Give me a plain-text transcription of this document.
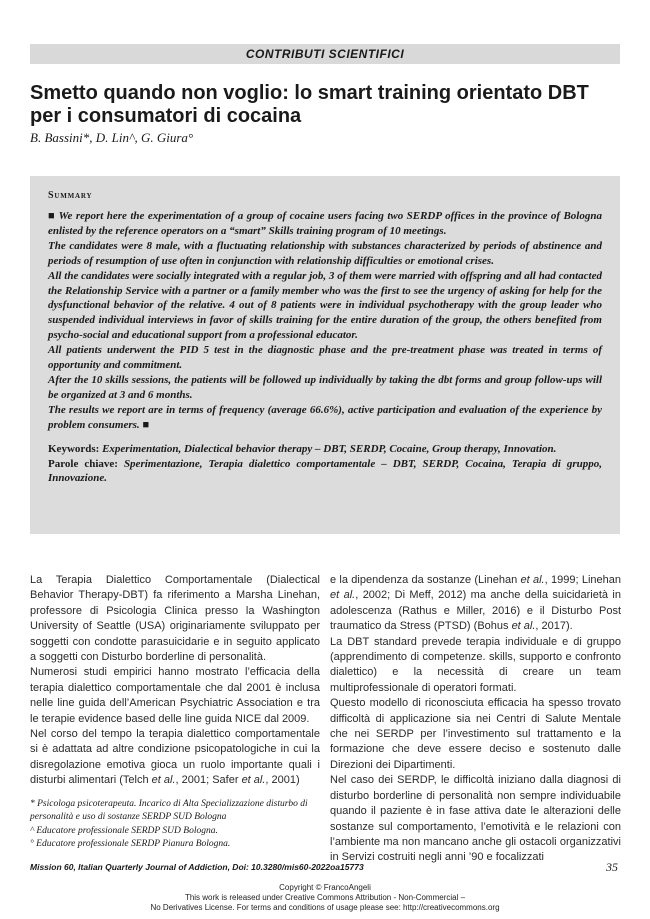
CONTRIBUTI SCIENTIFICI
Smetto quando non voglio: lo smart training orientato DBT
per i consumatori di cocaina
B. Bassini*, D. Lin^, G. Giura°
Summary

■ We report here the experimentation of a group of cocaine users facing two SERDP offices in the province of Bologna enlisted by the reference operators on a “smart” Skills training program of 10 meetings.

The candidates were 8 male, with a fluctuating relationship with substances characterized by periods of abstinence and periods of resumption of use often in conjunction with relationship difficulties or emotional crises.

All the candidates were socially integrated with a regular job, 3 of them were married with offspring and all had contacted the Relationship Service with a partner or a family member who was the first to see the urgency of asking for help for the dysfunctional behavior of the relative. 4 out of 8 patients were in individual psychotherapy with the group leader who suspended individual interviews in favor of skills training for the entire duration of the group, the others benefited from psycho-social and educational support from a professional educator.

All patients underwent the PID 5 test in the diagnostic phase and the pre-treatment phase was treated in terms of opportunity and commitment.

After the 10 skills sessions, the patients will be followed up individually by taking the dbt forms and group follow-ups will be organized at 3 and 6 months.

The results we report are in terms of frequency (average 66.6%), active participation and evaluation of the experience by problem consumers. ■

Keywords: Experimentation, Dialectical behavior therapy – DBT, SERDP, Cocaine, Group therapy, Innovation.

Parole chiave: Sperimentazione, Terapia dialettico comportamentale – DBT, SERDP, Cocaina, Terapia di gruppo, Innovazione.

La Terapia Dialettico Comportamentale (Dialectical Behavior Therapy-DBT) fa riferimento a Marsha Linehan, professore di Psicologia Clinica presso la Washington University of Seattle (USA) originariamente sviluppato per soggetti con condotte parasuicidarie e in seguito applicato a soggetti con Disturbo borderline di personalità.

Numerosi studi empirici hanno mostrato l’efficacia della terapia dialettico comportamentale che dal 2001 è inclusa nelle line guida dell’American Psychiatric Association e tra le terapie evidence based delle line guida NICE dal 2009.

Nel corso del tempo la terapia dialettico comportamentale si è adattata ad altre condizione psicopatologiche in cui la disregolazione emotiva gioca un ruolo importante quali i disturbi alimentari (Telch et al., 2001; Safer et al., 2001)

* Psicologa psicoterapeuta. Incarico di Alta Specializzazione disturbo di personalità e uso di sostanze SERDP SUD Bologna

^ Educatore professionale SERDP SUD Bologna.

° Educatore professionale SERDP Pianura Bologna.

e la dipendenza da sostanze (Linehan et al., 1999; Linehan et al., 2002; Di Meff, 2012) ma anche della suicidarietà in adolescenza (Rathus e Miller, 2016) e il Disturbo Post traumatico da Stress (PTSD) (Bohus et al., 2017).

La DBT standard prevede terapia individuale e di gruppo (apprendimento di competenze. skills, supporto e confronto dialettico) e la necessità di creare un team multiprofessionale di operatori formati.

Questo modello di riconosciuta efficacia ha spesso trovato difficoltà di applicazione sia nei Centri di Salute Mentale che nei SERDP per l’investimento sul trattamento e la formazione che deve essere deciso e sostenuto dalle Direzioni dei Dipartimenti.

Nel caso dei SERDP, le difficoltà iniziano dalla diagnosi di disturbo borderline di personalità non sempre individuabile quando il paziente è in fase attiva date le alterazioni delle sostanze sul comportamento, l’emotività e le relazioni con l’ambiente ma non mancano anche gli ostacoli organizzativi in Servizi costruiti negli anni ’90 e focalizzati

Mission 60, Italian Quarterly Journal of Addiction, Doi: 10.3280/mis60-2022oa15773	35

Copyright © FrancoAngeli

This work is released under Creative Commons Attribution - Non-Commercial –

No Derivatives License. For terms and conditions of usage please see: http://creativecommons.org
